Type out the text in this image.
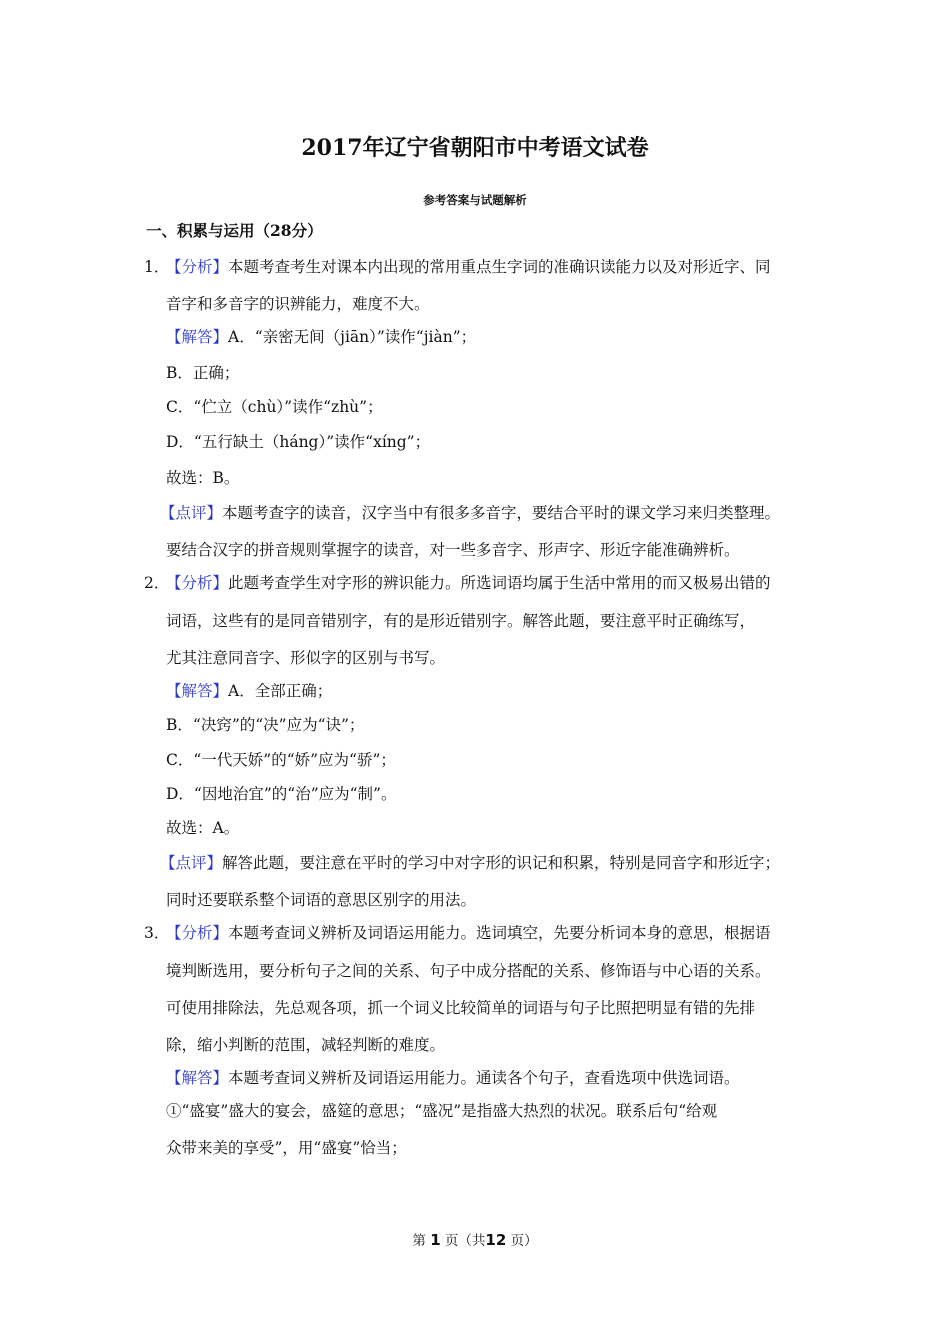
2017年辽宁省朝阳市中考语文试卷
参考答案与试题解析
一、积累与运用（28分）
1．
【分析】本题考查考生对课本内出现的常用重点生字词的准确识读能力以及对形近字、同
音字和多音字的识辨能力，难度不大。
【解答】A．“亲密无间（jiān）”读作“jiàn”；
B．正确；
C．“伫立（chù）”读作“zhù”；
D．“五行缺土（háng）”读作“xíng”；
故选：B。
【点评】本题考查字的读音，汉字当中有很多多音字，要结合平时的课文学习来归类整理。
要结合汉字的拼音规则掌握字的读音，对一些多音字、形声字、形近字能准确辨析。
2．
【分析】此题考查学生对字形的辨识能力。所选词语均属于生活中常用的而又极易出错的
词语，这些有的是同音错别字，有的是形近错别字。解答此题，要注意平时正确练写，
尤其注意同音字、形似字的区别与书写。
【解答】A．全部正确；
B．“决窍”的“决”应为“诀”；
C．“一代天娇”的“娇”应为“骄”；
D．“因地治宜”的“治”应为“制”。
故选：A。
【点评】解答此题，要注意在平时的学习中对字形的识记和积累，特别是同音字和形近字；
同时还要联系整个词语的意思区别字的用法。
3．
【分析】本题考查词义辨析及词语运用能力。选词填空，先要分析词本身的意思，根据语
境判断选用，要分析句子之间的关系、句子中成分搭配的关系、修饰语与中心语的关系。
可使用排除法，先总观各项，抓一个词义比较简单的词语与句子比照把明显有错的先排
除，缩小判断的范围，减轻判断的难度。
【解答】本题考查词义辨析及词语运用能力。通读各个句子，查看选项中供选词语。
①“盛宴”盛大的宴会，盛筵的意思；“盛况”是指盛大热烈的状况。联系后句“给观
众带来美的享受”，用“盛宴”恰当；
第 1 页（共12 页）
